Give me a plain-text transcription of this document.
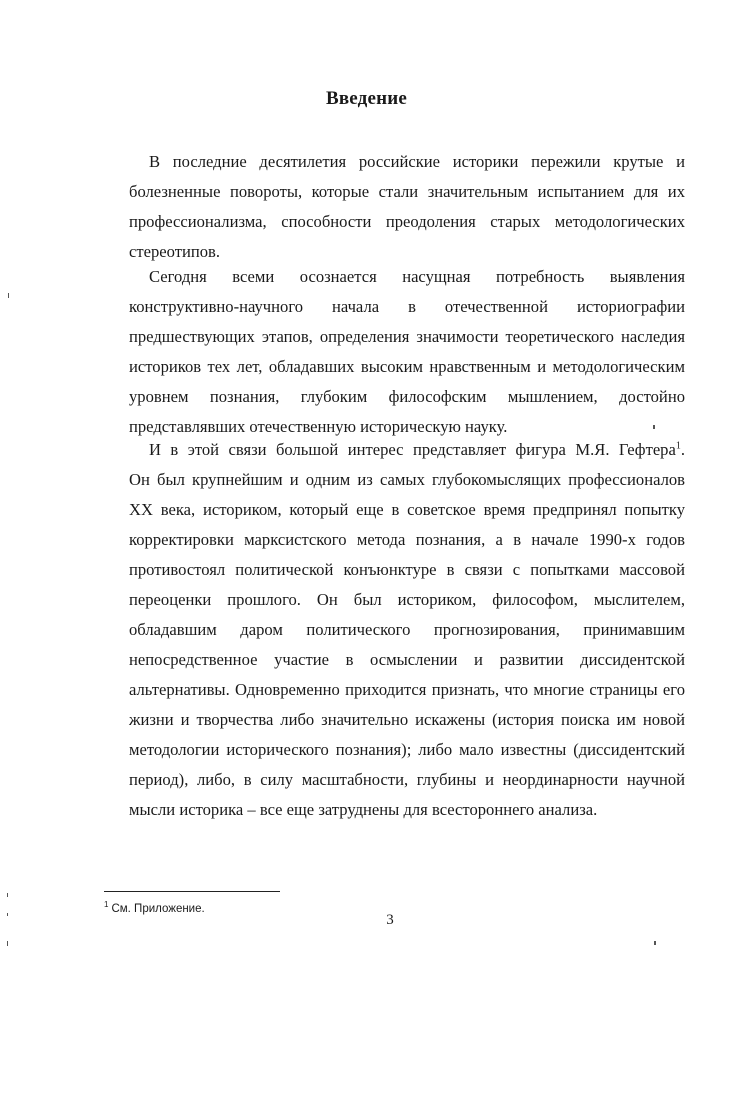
Введение
В последние десятилетия российские историки пережили крутые и
болезненные повороты, которые стали значительным испытанием для их
профессионализма, способности преодоления старых методологических
стереотипов.
Сегодня всеми осознается насущная потребность выявления
конструктивно-научного начала в отечественной историографии
предшествующих этапов, определения значимости теоретического наследия
историков тех лет, обладавших высоким нравственным и методологическим
уровнем познания, глубоким философским мышлением, достойно
представлявших отечественную историческую науку.
И в этой связи большой интерес представляет фигура М.Я. Гефтера$^1$.
Он был крупнейшим и одним из самых глубокомыслящих профессионалов
XX века, историком, который еще в советское время предпринял попытку
корректировки марксистского метода познания, а в начале 1990-х годов
противостоял политической конъюнктуре в связи с попытками массовой
переоценки прошлого. Он был историком, философом, мыслителем,
обладавшим даром политического прогнозирования, принимавшим
непосредственное участие в осмыслении и развитии диссидентской
альтернативы. Одновременно приходится признать, что многие страницы его
жизни и творчества либо значительно искажены (история поиска им новой
методологии исторического познания); либо мало известны (диссидентский
период), либо, в силу масштабности, глубины и неординарности научной
мысли историка – все еще затруднены для всестороннего анализа.
$^1$ См. Приложение.
3
